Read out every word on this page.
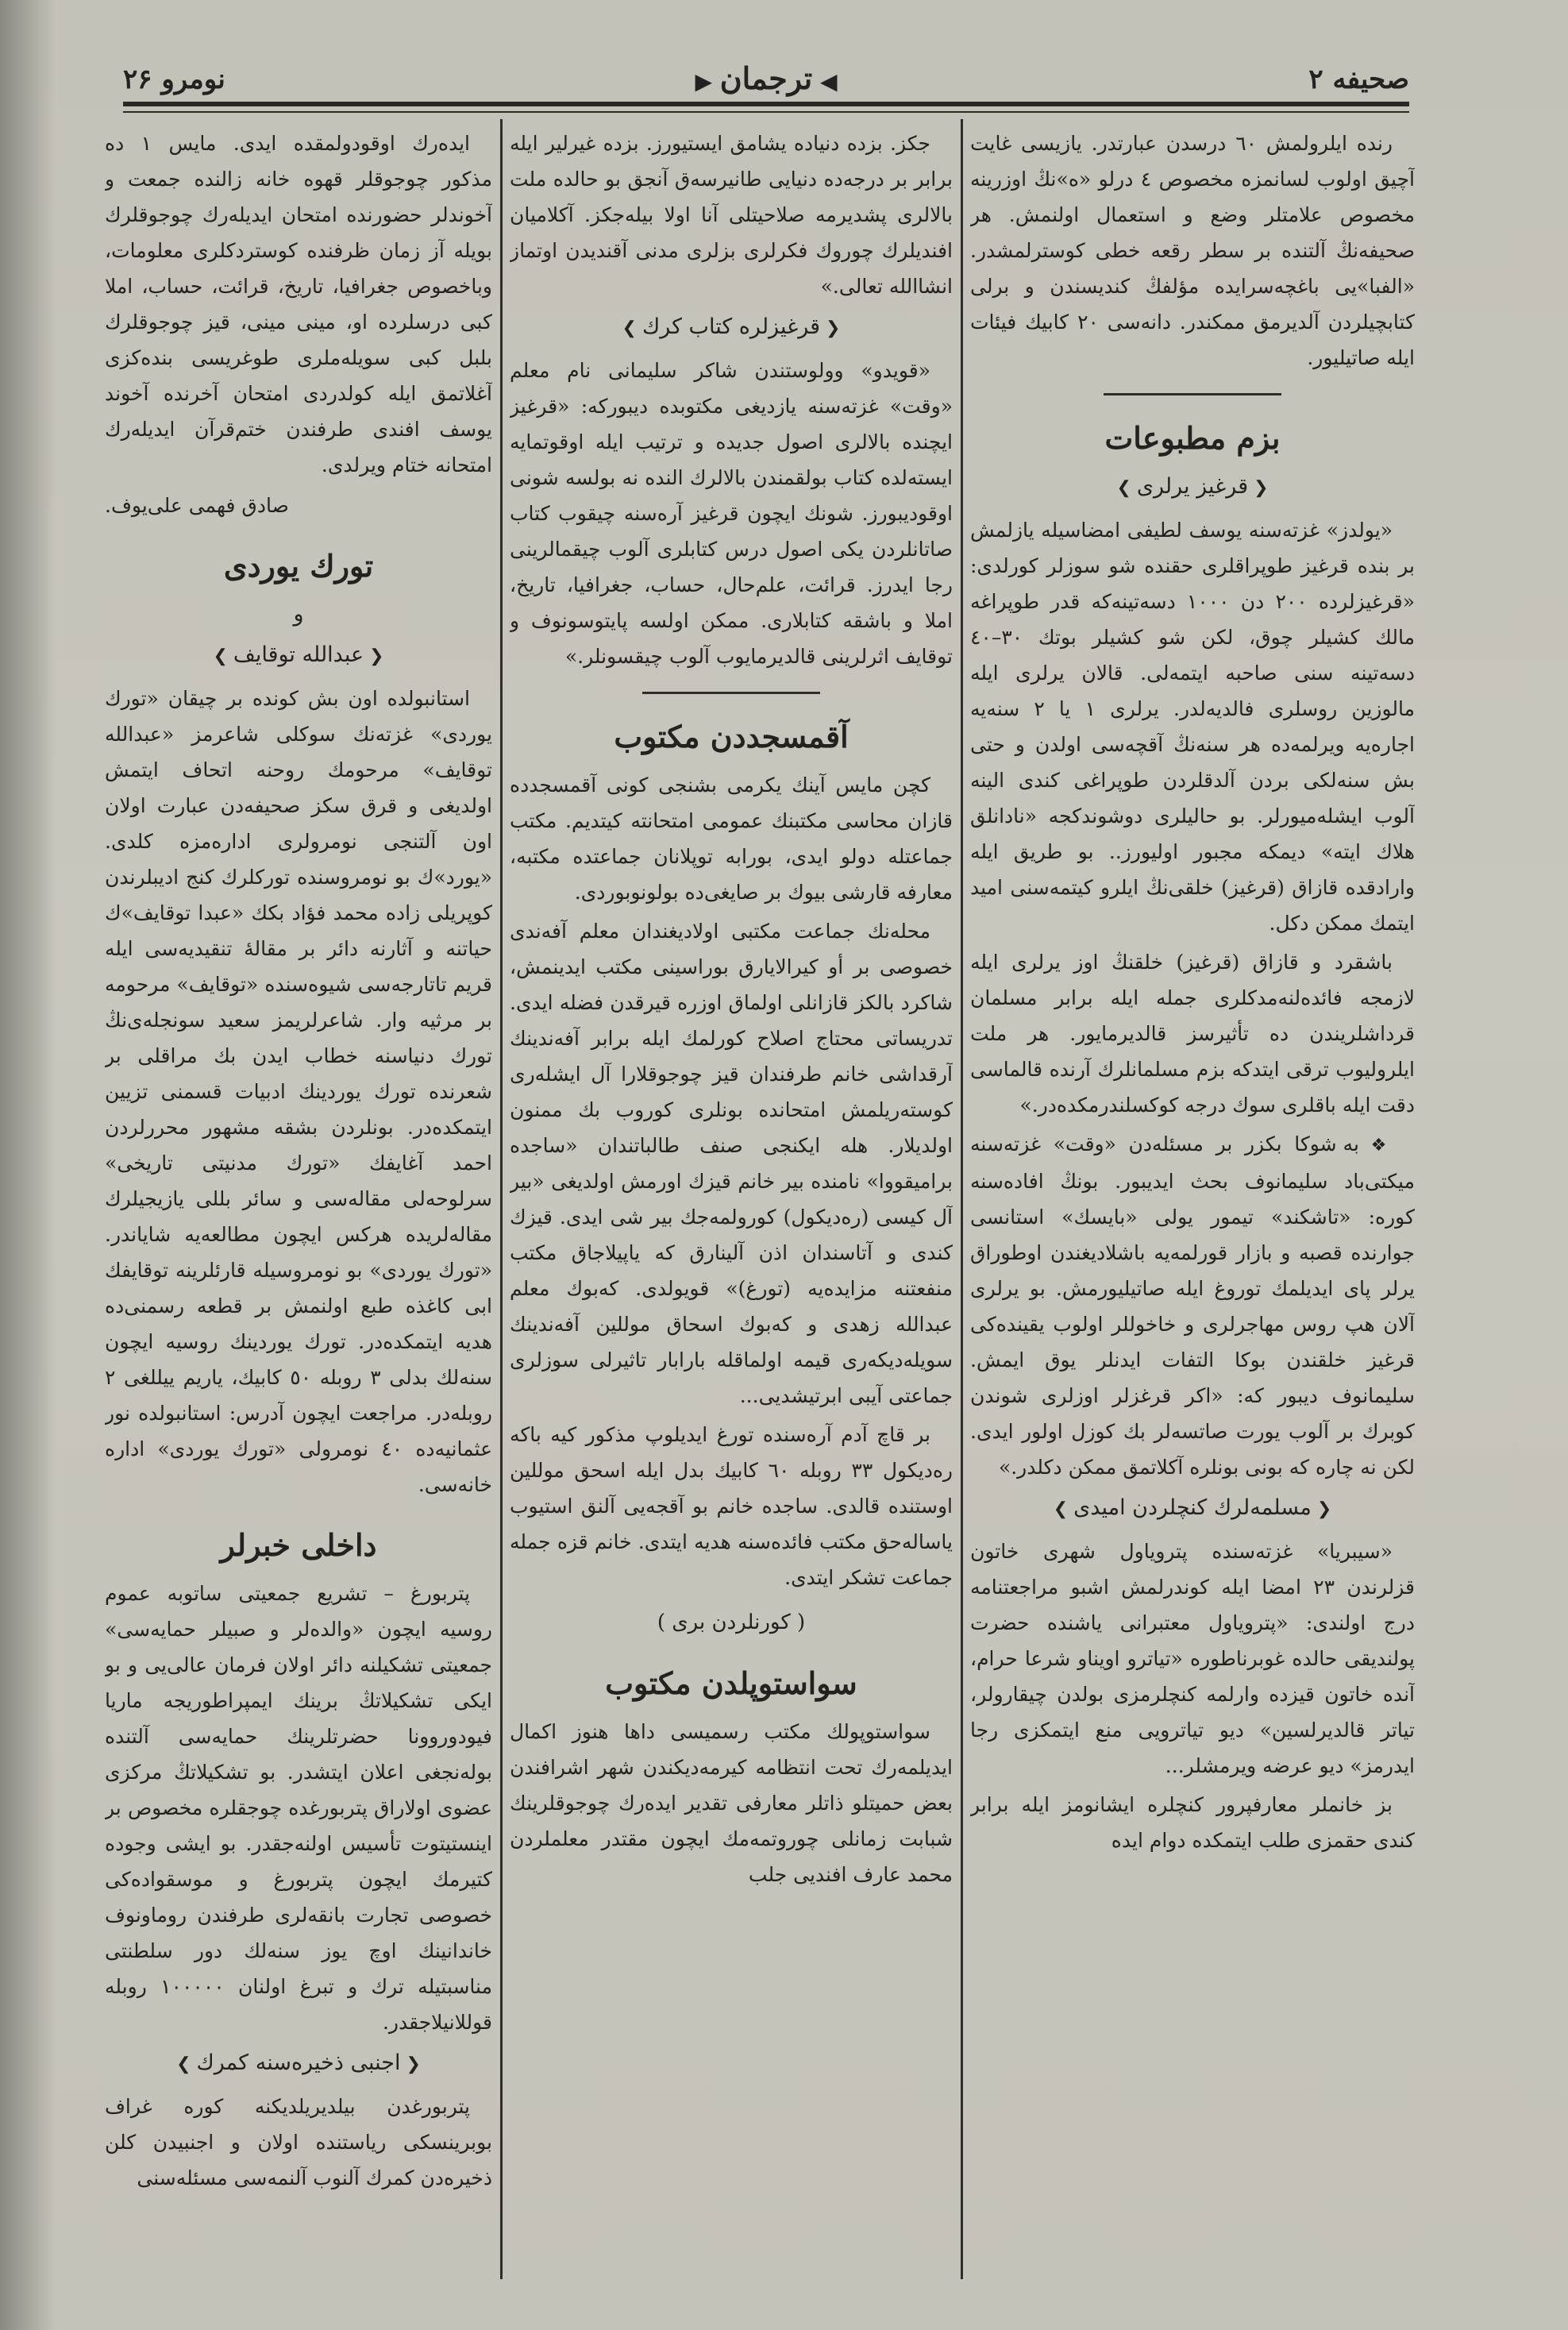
صحیفه ۲
◀ ترجمان ▶
نومرو ۲۶

رنده ایلرولمش ٦٠ درسدن عبارتدر. یازیسی غایت آچیق اولوب لسانمزه مخصوص ٤ درلو «ه»نڭ اوزرینه مخصوص علامتلر وضع و استعمال اولنمش. هر صحیفه‌نڭ آلتنده بر سطر رقعه خطی کوسترلمشدر. «الفبا»یی باغچه‌سرایده مؤلفڭ کندیسندن و برلی کتابچیلردن آلدیرمق ممکندر. دانه‌سی ۲۰ کابیك فیئات ایله صاتیلیور.

بزم مطبوعات
❮ قرغیز یرلری ❯

«یولدز» غزته‌سنه یوسف لطیفی امضاسیله یازلمش بر بنده قرغیز طوپراقلری حقنده شو سوزلر کورلدی: «قرغیزلرده ۲۰۰ دن ۱۰۰۰ دسه‌تینه‌که قدر طوپراغه مالك کشیلر چوق، لکن شو کشیلر بوتك ۳۰–٤٠ دسه‌تینه سنی صاحبه ایتمه‌لی. قالان یرلری ایله مالوزین روسلری فالدیه‌لدر. یرلری ۱ یا ۲ سنه‌یه اجاره‌یه ویرلمه‌ده هر سنه‌نڭ آقچه‌سی اولدن و حتی بش سنه‌لکی بردن آلدقلردن طوپراغی کندی الینه آلوب ایشله‌میورلر. بو حالیلری دوشوندکجه «نادانلق هلاك ایته» دیمکه مجبور اولیورز.. بو طریق ایله واراد‌قده قازاق (قرغیز) خلقی‌نڭ ایلرو کیتمه‌سنی امید ایتمك ممکن دکل.

باشقرد و قازاق (قرغیز) خلقنڭ اوز یرلری ایله لازمجه فائده‌لنه‌مدکلری جمله ایله برابر مسلمان قرداشلریندن ده تأثیرسز قالدیرمایور. هر ملت ایلرولیوب ترقی ایتدکه بزم مسلمانلرك آرنده قالماسی دقت ایله باقلری سوك درجه کوکسلندرمکده‌در.»

❖ به شوکا بکزر بر مسئله‌دن «وقت» غزته‌سنه میکتی‌باد سلیمانوف بحث ایدیبور. بونڭ افاده‌سنه کوره: «تاشکند» تیمور یولی «بایسك» استانسی جوارنده قصبه و بازار قورلمه‌یه باشلاد‌یغندن اوطوراق یرلر پای ایدیلمك توروغ ایله صاتیلیورمش. بو یرلری آلان هپ روس مهاجرلری و خاخوللر اولوب یقینده‌کی قرغیز خلقندن بوکا التفات ایدنلر یوق ایمش. سلیمانوف دیبور که: «اکر قرغزلر اوزلری شوندن کوبرك بر آلوب یورت صاتسه‌لر بك کوزل اولور ایدی. لکن نه چاره که بونی بونلره آکلاتمق ممکن دکلدر.»

❮ مسلمه‌لرك کنچلردن امیدی ❯

«سیبریا» غزته‌سنده پترویاول شهری خاتون قزلرندن ۲۳ امضا ایله کوندرلمش اشبو مراجعتنامه درج اولندی: «پترویاول معتبرانی یاشنده حضرت پولندیقی حالده غوبرناطوره «تیاترو اوینا‌و شرعا حرام، آنده خاتون قیزده وارلمه کنچلرمزی بولدن چیقارولر، تیاتر قالدیرلسین» دیو تیاترویی منع ایتمکزی رجا ایدرمز» دیو عرضه ویرمشلر...

بز خانملر معارفپرور کنچلره ایشانومز ایله برابر کندی حقمزی طلب ایتمکده دوام ایده

جکز. بزده دنیاده یشامق ایستیورز. بزده غیرلیر ایله برابر بر درجه‌ده دنیایی طانیرسه‌ق آنجق بو حالده ملت بالالری پشدیرمه صلاحیتلی آنا اولا بیله‌جکز. آکلامیان افندیلرك چوروك فکرلری بزلری مدنی آقندیدن اوتماز انشاالله تعالی.»

❮ قرغیزلره کتاب کرك ❯

«قویدو» وولوستندن شاکر سلیمانی نام معلم «وقت» غزته‌سنه یازدیغی مکتوبده دیبورکه: «قرغیز ایچنده بالالری اصول جدیده و ترتیب ایله اوقوتمایه ایسته‌لده کتاب بولقمندن بالالرك الندە نه بولسه شونی اوقودیبورز. شونك ایچون قرغیز آرەسنه چیقوب کتاب صاتانلردن یکی اصول درس کتابلری آلوب چیقمالرینی رجا ایدرز. قرائت، علم‌حال، حساب، جغرافیا، تاریخ، املا و باشقه کتابلاری. ممکن اولسه پایتوسونوف و توقایف اثرلرینی قالدیرمایوب آلوب چیقسونلر.»

آقمسجددن مکتوب

کچن مایس آینك یکرمی بشنجی کونی آقمسجدده قازان محاسی مکتبنك عمومی امتحانته کیتدیم. مکتب جماعتله دولو ایدی، بورابه توپلانان جماعتده مکتبه، معارفه قارشی بیوك بر صایغی‌ده بولونوبوردی.

محله‌نك جماعت مکتبی اولادیغندان معلم آفه‌ندی خصوصی بر أو کیرالایارق بوراسینی مکتب ایدینمش، شاکرد بالکز قازانلی اولماق اوزره قیرقدن فضله ایدی. تدریساتی محتاج اصلاح کورلمك ایله برابر آفه‌ندینك آرقداشی خانم طرفندان قیز چوجوقلارا آل ایشله‌ری کوسته‌ریلمش امتحانده بونلری کوروب بك ممنون اولدیلار. هله ایکنجی صنف طالباتندان «ساجده برامیقووا» نامنده بیر خانم قیزك اورمش اولدیغی «بیر آل کیسی (رەدیکول) کورولمه‌جك بیر شی ایدی. قیزك کندی و آتاسندان اذن آلینارق که یاپیلاجاق مکتب منفعتنه مزایده‌یه (تورغ)» قویولدی. که‌بوك معلم عبدالله زهدی و که‌بوك اسحاق موللین آفه‌ندینك سویله‌دیکه‌ری قیمه اولماقله بارابار تاثیرلی سوزلری جماعتی آیبی ابرتیشدیی...

بر قاچ آدم آرەسنده تورغ ایدیلوپ مذکور کیه باکه رەدیکول ۳۳ روبله ٦٠ کابیك بدل ایله اسحق موللین اوستنده قالدی. ساجده خانم بو آقجه‌یی آلنق استیوب یاساله‌حق مکتب فائده‌سنه هدیه ایتدی. خانم قزه جمله جماعت تشکر ایتدی.

( کورنلردن بری )
سواستوپلدن مکتوب

سواستوپولك مکتب رسمیسی داها هنوز اکمال ایدیلمه‌رك تحت انتظامه کیرمه‌دیکندن شهر اشرافندن بعض حمیتلو ذاتلر معارفی تقدیر ایدەرك چوجوقلرینك شبابت زمانلی چوروتمه‌مك ایچون مقتدر معلملردن محمد عارف افندیی جلب

ایده‌رك اوقودولمقده ایدی. مایس ۱ ده مذکور چوجوقلر قهوه خانه زالنده جمعت و آخوندلر حضورنده امتحان ایدیلەرك چوجوقلرك بویله آز زمان ظرفنده کوستردکلری معلومات، وباخصوص جغرافیا، تاریخ، قرائت، حساب، املا کبی درسلرده او، مینی مینی، قیز چوجوقلرك بلبل کبی سویلەملری طوغریسی بنده‌کزی آغلاتمق ایله کولدردی امتحان آخرنده آخوند یوسف افندی طرفندن ختم‌قرآن ایدیلەرك امتحانه ختام ویرلدی.

صادق فهمی علی‌یوف.
تورك یوردی
و
❮ عبدالله توقایف ❯

استانبولده اون بش کونده بر چیقان «تورك یوردی» غزته‌نك سوکلی شاعرمز «عبدالله توقایف» مرحومك روحنه اتحاف ایتمش اولدیغی و قرق سکز صحیفه‌دن عبارت اولان اون آلتنجی نومرولری ادارەمزه کلدی. «یورد»ك بو نومروسنده تورکلرك کنج ادیبلرندن کوپریلی زاده محمد فؤاد بکك «عبدا توقایف»ك حیاتنه و آثارنه دائر بر مقالۀ تنقیدیه‌سی ایله قریم تاتارجەسی شیوەسنده «توقایف» مرحومه بر مرثیه وار. شاعرلریمز سعید سونجلەی‌نڭ تورك دنیاسنه خطاب ایدن بك مراقلی بر شعرنده تورك یوردینك ادبیات قسمنی تزیین ایتمکده‌در. بونلردن بشقه مشهور محررلردن احمد آغایفك «تورك مدنیتی تاریخی» سرلوحەلی مقالەسی و سائر بللی یازیجیلرك مقالەلریده هرکس ایچون مطالعه‌یه شایاندر. «تورك یوردی» بو نومروسیله قارئلرینه توقایفك ابی کاغذه طبع اولنمش بر قطعه رسمنی‌ده هدیه ایتمکده‌در. تورك یوردینك روسیه ایچون سنه‌لك بدلی ۳ روبله ٥٠ کابیك، یاریم ییللغی ۲ روبلەدر. مراجعت ایچون آدرس: استانبولده نور عثمانیەده ٤٠ نومرولی «تورك یوردی» اداره خانەسی.

داخلی خبرلر

پتربورغ – تشریع جمعیتی ساتوبه عموم روسیه ایچون «والدەلر و صبیلر حمایه‌سی» جمعیتی تشکیلنه دائر اولان فرمان عالی‌یی و بو ایکی تشکیلاتڭ برینك ایمپراطوریجه ماریا فیودوروونا حضرتلرینك حمایه‌سی آلتنده بولەنجغی اعلان ایتشدر. بو تشکیلاتڭ مرکزی عضوی اولاراق پتربورغده چوجقلره مخصوص بر اینستیتوت تأسیس اولنه‌جقدر. بو ایشی وجوده کتیرمك ایچون پتربورغ و موسقوادەکی خصوصی تجارت بانقەلری طرفندن روماونوف خاندانینك اوچ یوز سنه‌لك دور سلطنتی مناسبتیله ترك و تبرغ اولنان ۱۰۰۰۰۰ روبله قوللانیلاجقدر.

❮ اجنبی ذخیرەسنه کمرك ❯

پتربورغدن بیلدیریلدیکنه کوره غراف بوبرینسکی ریاستنده اولان و اجنبیدن کلن ذخیرەدن کمرك آلنوب آلنمەسی مسئلەسنی
